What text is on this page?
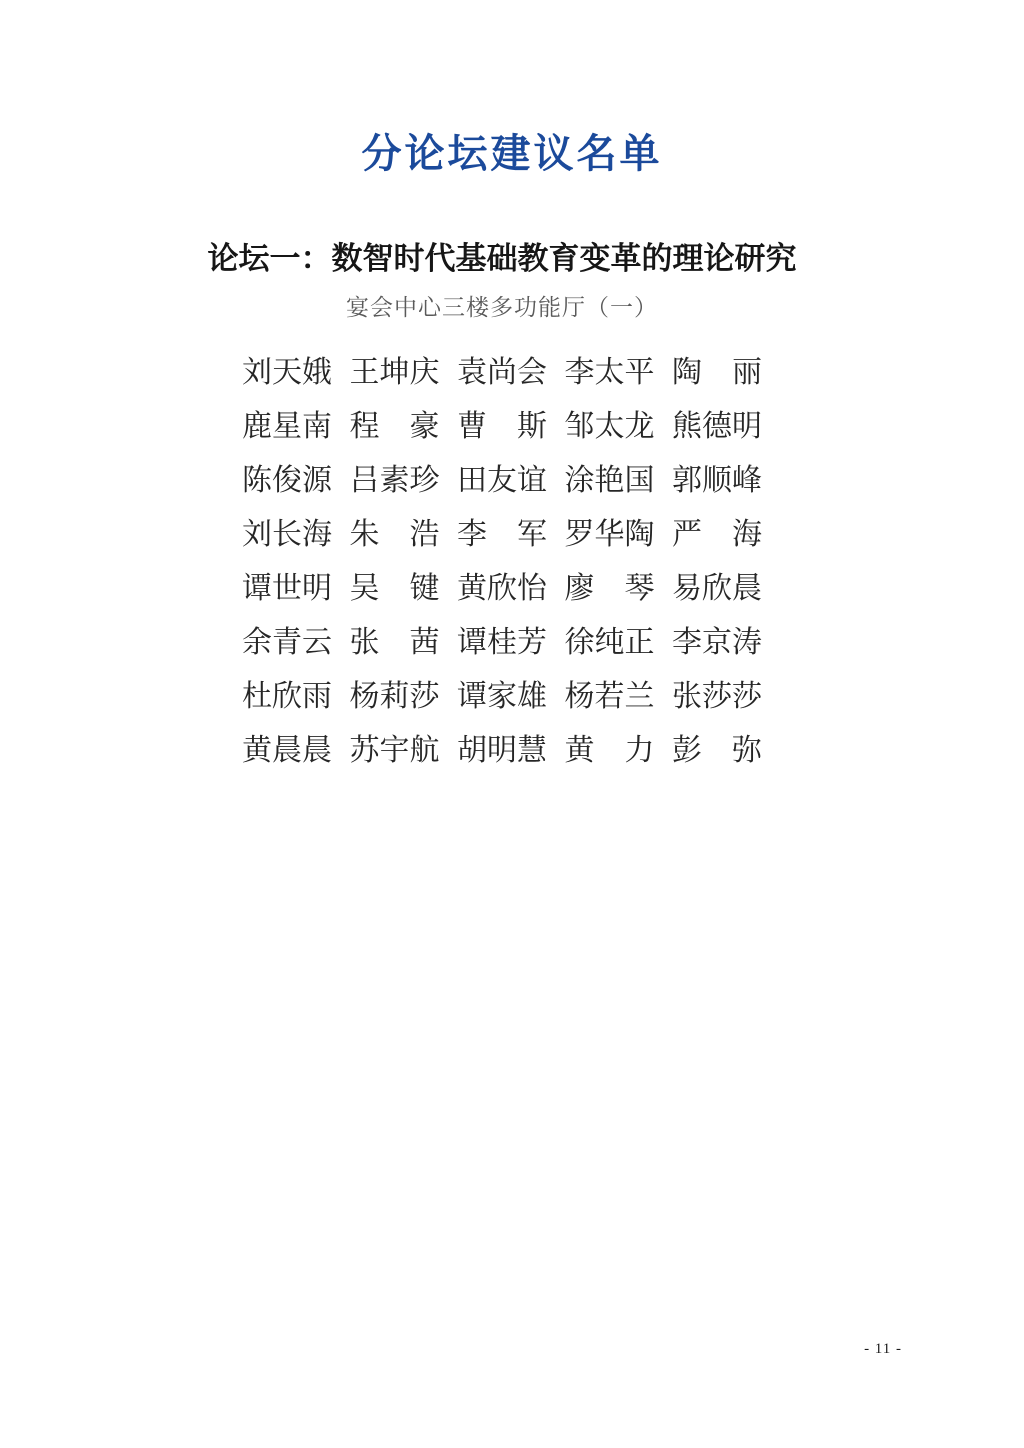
分论坛建议名单
论坛一：数智时代基础教育变革的理论研究
宴会中心三楼多功能厅（一）
刘天娥 王坤庆 袁尚会 李太平 陶　丽
鹿星南 程　豪 曹　斯 邹太龙 熊德明
陈俊源 吕素珍 田友谊 涂艳国 郭顺峰
刘长海 朱　浩 李　军 罗华陶 严　海
谭世明 吴　键 黄欣怡 廖　琴 易欣晨
余青云 张　茜 谭桂芳 徐纯正 李京涛
杜欣雨 杨莉莎 谭家雄 杨若兰 张莎莎
黄晨晨 苏宇航 胡明慧 黄　力 彭　弥
- 11 -
